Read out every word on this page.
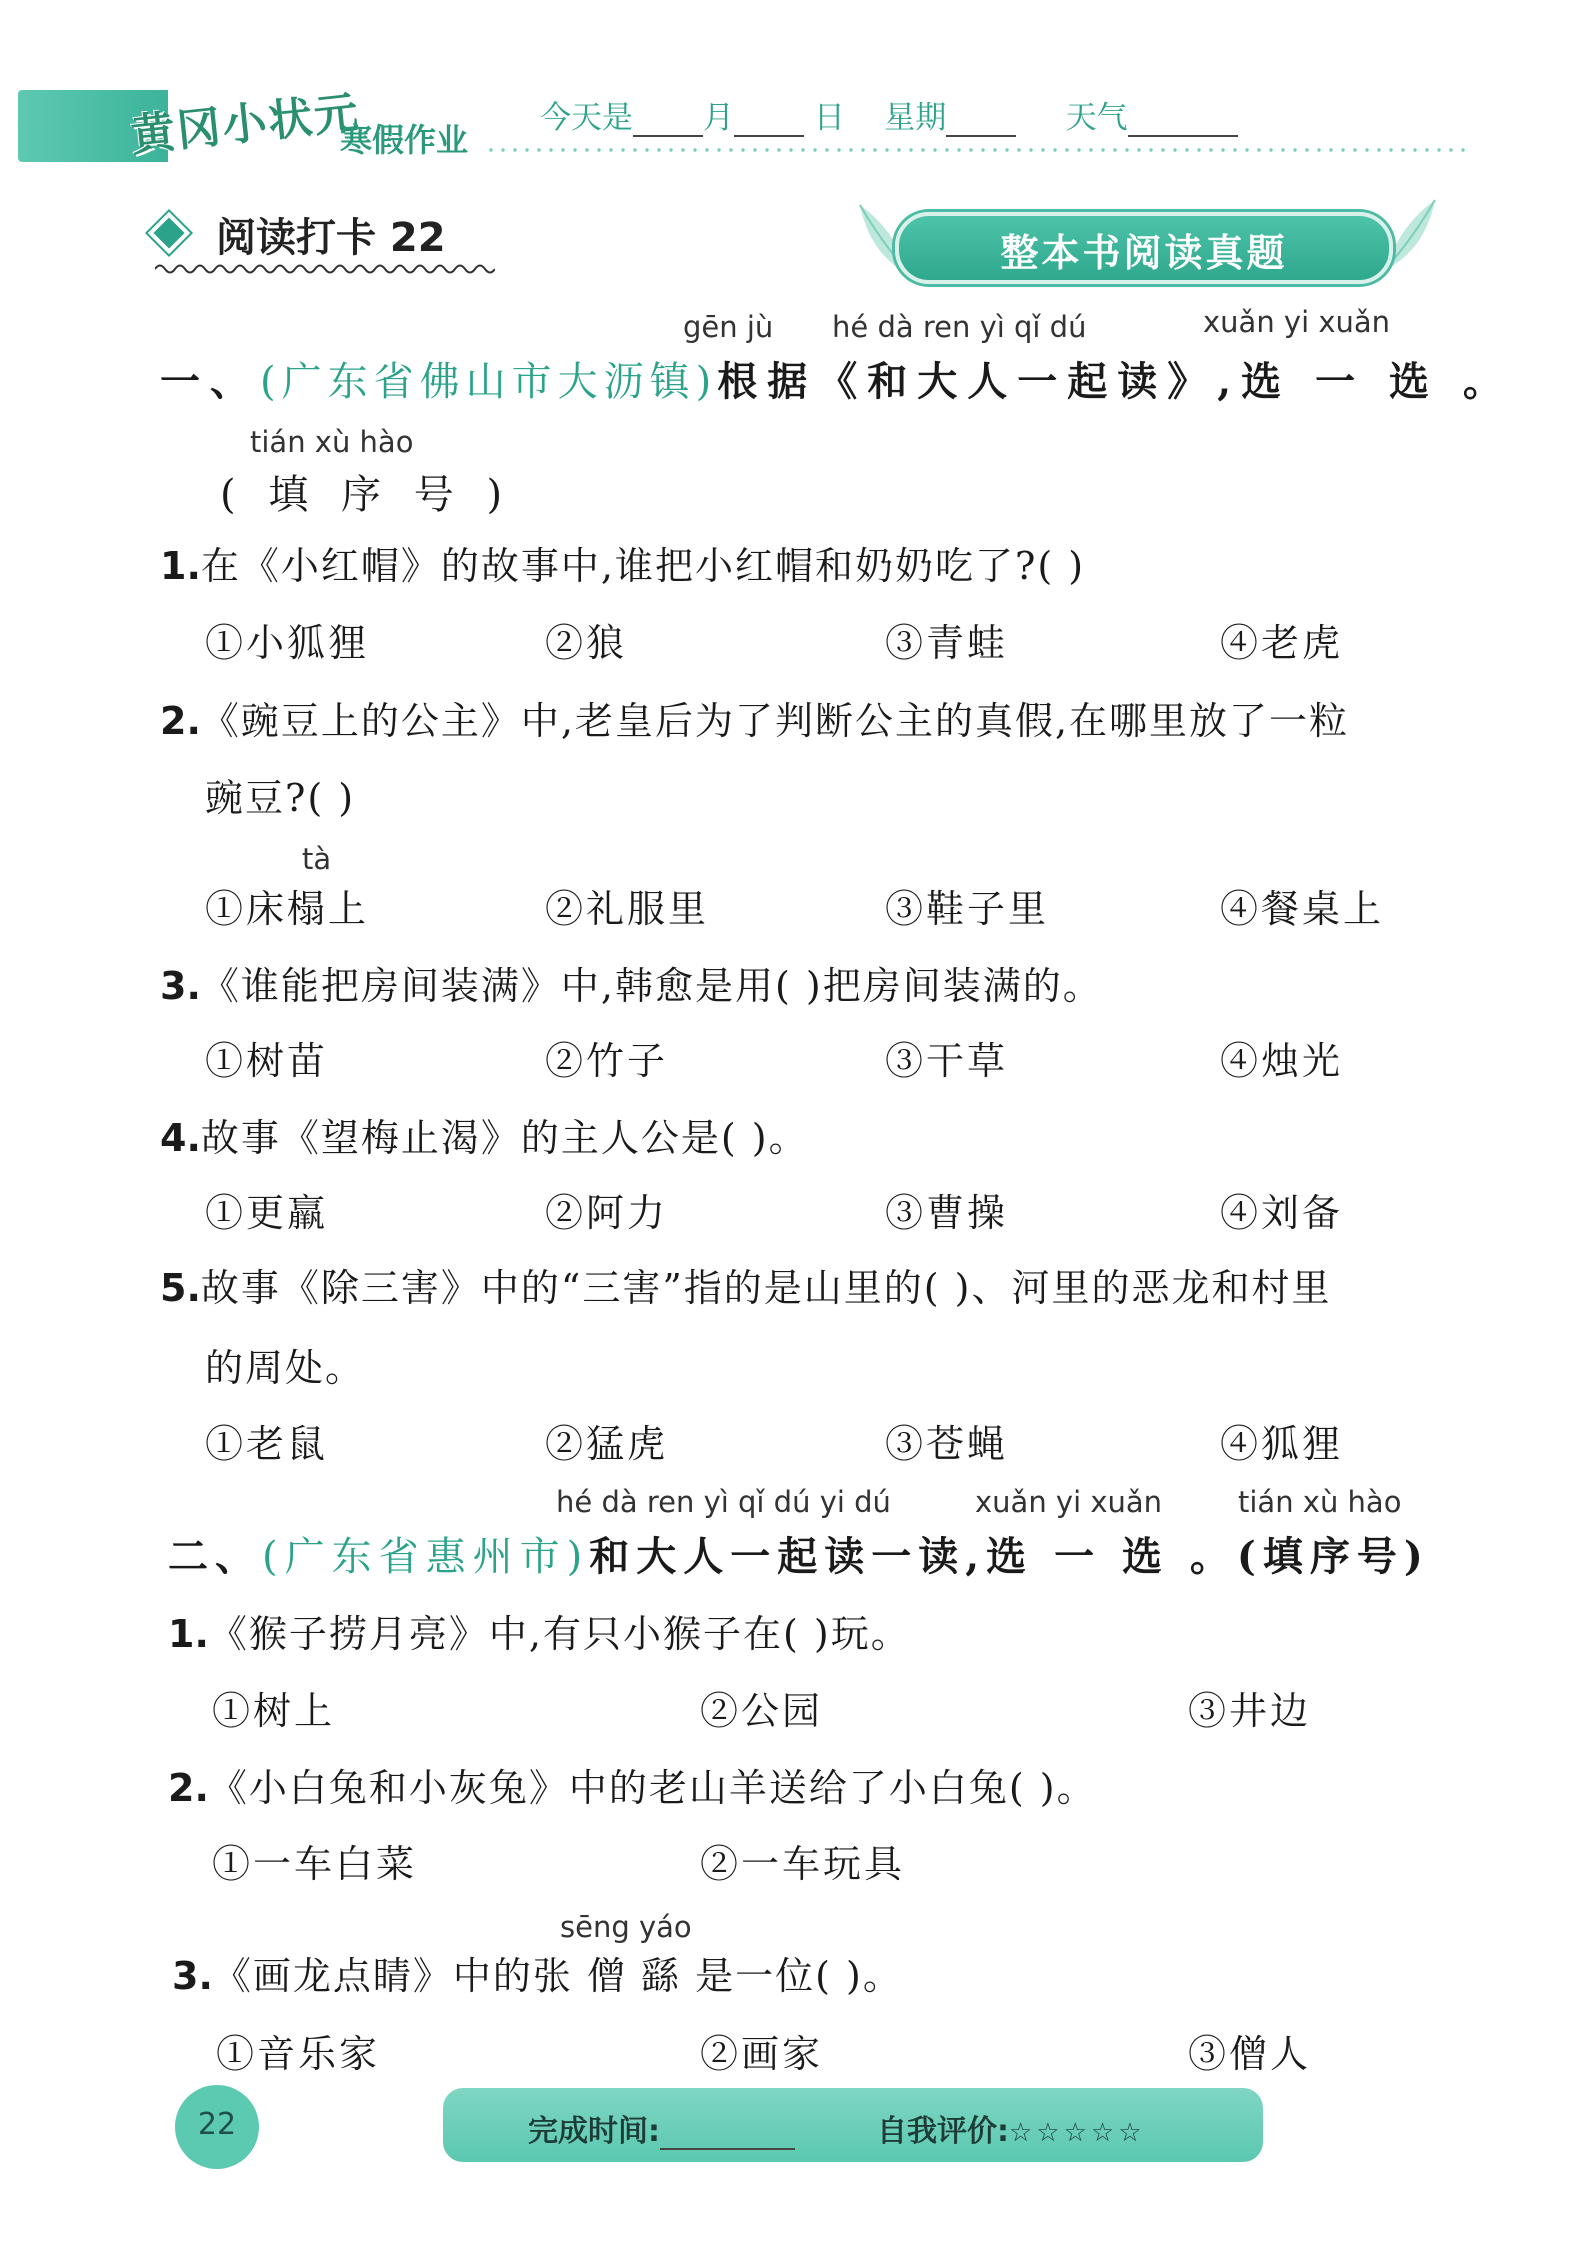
黄冈小状元
寒假作业
今天是 月	日 星期	天气
阅读打卡 22	整本书阅读真题
gēn jù hé dà ren yì qǐ dú	xuǎn yi xuǎn
一、(广东省佛山市大沥镇)根据《和大人一起读》,选 一 选 。
tián xù hào
( 填 序 号 )
1.在《小红帽》的故事中,谁把小红帽和奶奶吃了?( )
①小狐狸	②狼	③青蛙	④老虎
2.《豌豆上的公主》中,老皇后为了判断公主的真假,在哪里放了一粒
豌豆?( )
tà
①床榻上	②礼服里	③鞋子里	④餐桌上
3.《谁能把房间装满》中,韩愈是用( )把房间装满的。
①树苗	②竹子	③干草	④烛光
4.故事《望梅止渴》的主人公是( )。
①更羸	②阿力	③曹操	④刘备
5.故事《除三害》中的“三害”指的是山里的( )、河里的恶龙和村里
的周处。
①老鼠	②猛虎	③苍蝇	④狐狸
hé dà ren yì qǐ dú yi dú	xuǎn yi xuǎn	tián xù hào
二、(广东省惠州市)和大人一起读一读,选 一 选 。(填序号)
1.《猴子捞月亮》中,有只小猴子在( )玩。
①树上	②公园	③井边
2.《小白兔和小灰兔》中的老山羊送给了小白兔( )。
①一车白菜	②一车玩具
sēng yáo
3.《画龙点睛》中的张 僧 繇 是一位( )。
①音乐家	②画家	③僧人
22	完成时间:	自我评价:☆☆☆☆☆
